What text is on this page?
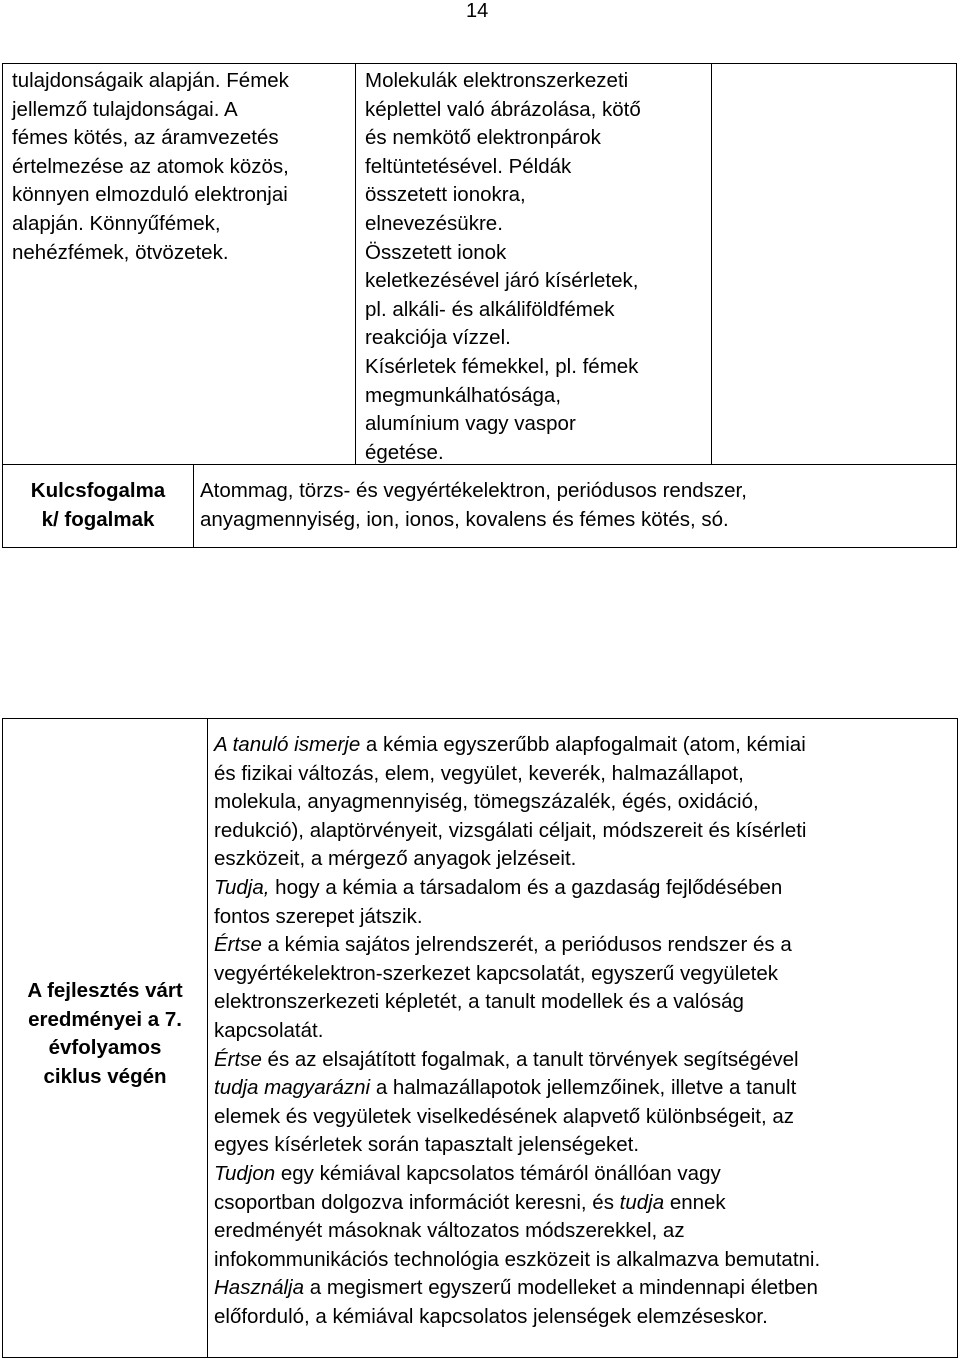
14
tulajdonságaik alapján. Fémek
jellemző tulajdonságai. A
fémes kötés, az áramvezetés
értelmezése az atomok közös,
könnyen elmozduló elektronjai
alapján. Könnyűfémek,
nehézfémek, ötvözetek.
Molekulák elektronszerkezeti
képlettel való ábrázolása, kötő
és nemkötő elektronpárok
feltüntetésével. Példák
összetett ionokra,
elnevezésükre.
Összetett ionok
keletkezésével járó kísérletek,
pl. alkáli- és alkáliföldfémek
reakciója vízzel.
Kísérletek fémekkel, pl. fémek
megmunkálhatósága,
alumínium vagy vaspor
égetése.
Kulcsfogalma
k/ fogalmak
Atommag, törzs- és vegyértékelektron, periódusos rendszer,
anyagmennyiség, ion, ionos, kovalens és fémes kötés, só.
A fejlesztés várt
eredményei a 7.
évfolyamos
ciklus végén
A tanuló ismerje a kémia egyszerűbb alapfogalmait (atom, kémiai
és fizikai változás, elem, vegyület, keverék, halmazállapot,
molekula, anyagmennyiség, tömegszázalék, égés, oxidáció,
redukció), alaptörvényeit, vizsgálati céljait, módszereit és kísérleti
eszközeit, a mérgező anyagok jelzéseit.
Tudja, hogy a kémia a társadalom és a gazdaság fejlődésében
fontos szerepet játszik.
Értse a kémia sajátos jelrendszerét, a periódusos rendszer és a
vegyértékelektron-szerkezet kapcsolatát, egyszerű vegyületek
elektronszerkezeti képletét, a tanult modellek és a valóság
kapcsolatát.
Értse és az elsajátított fogalmak, a tanult törvények segítségével
tudja magyarázni a halmazállapotok jellemzőinek, illetve a tanult
elemek és vegyületek viselkedésének alapvető különbségeit, az
egyes kísérletek során tapasztalt jelenségeket.
Tudjon egy kémiával kapcsolatos témáról önállóan vagy
csoportban dolgozva információt keresni, és tudja ennek
eredményét másoknak változatos módszerekkel, az
infokommunikációs technológia eszközeit is alkalmazva bemutatni.
Használja a megismert egyszerű modelleket a mindennapi életben
előforduló, a kémiával kapcsolatos jelenségek elemzéseskor.
